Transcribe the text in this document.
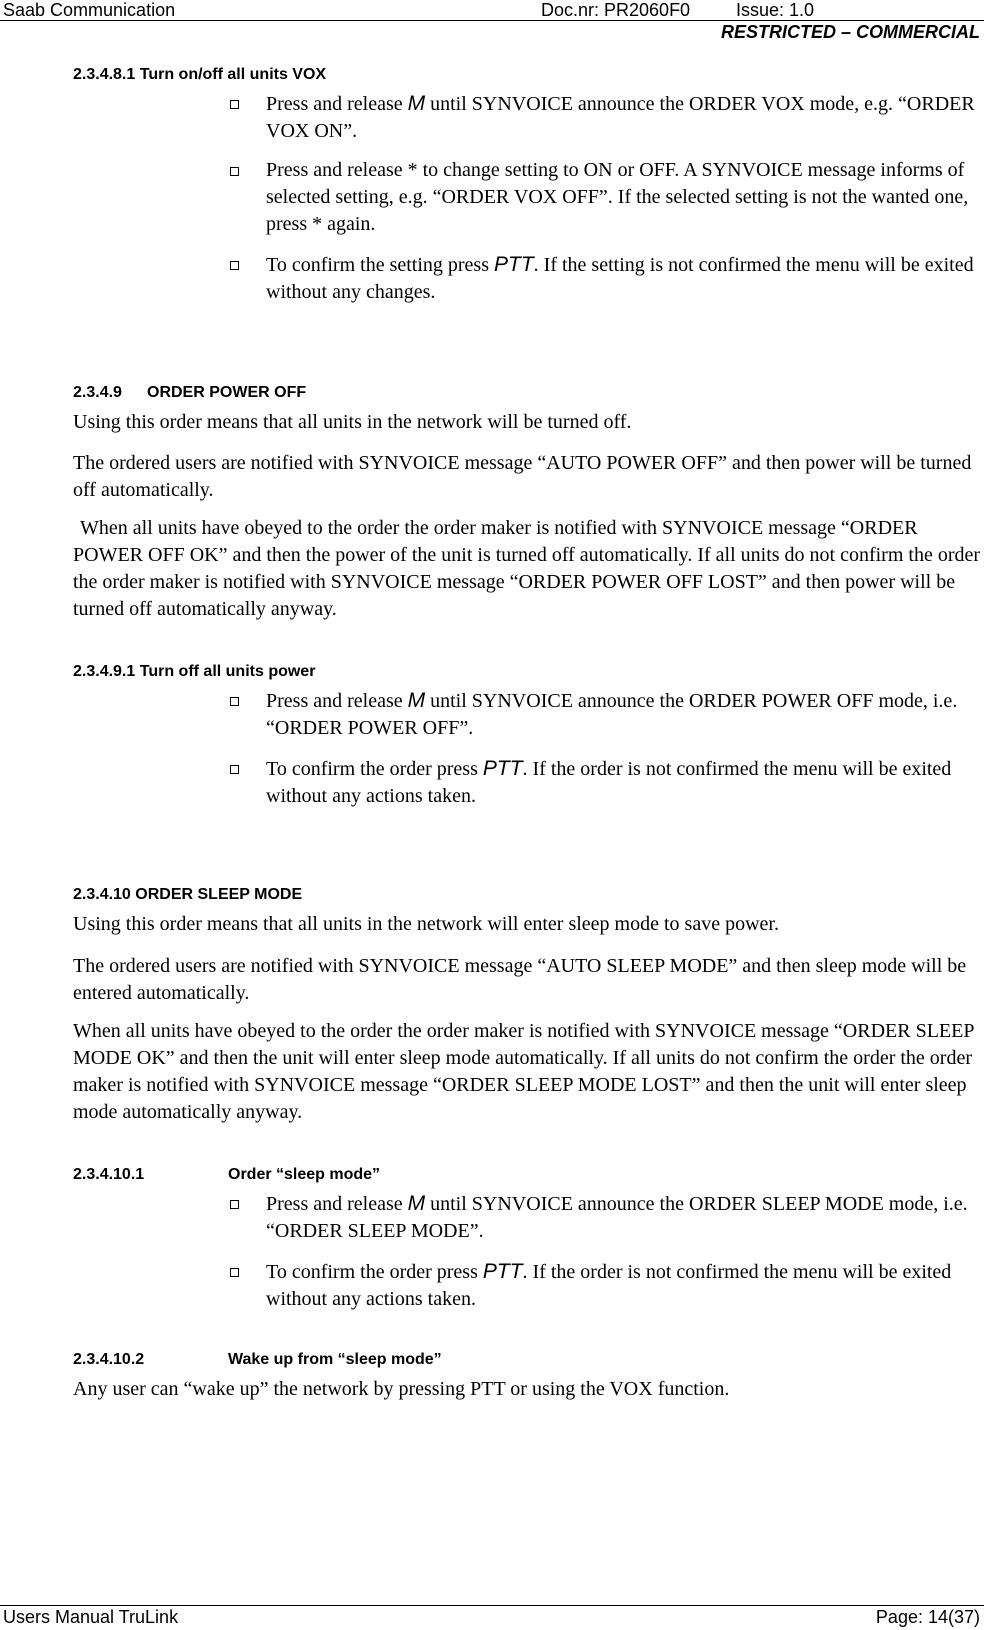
Saab Communication	Doc.nr: PR2060F0	Issue: 1.0
RESTRICTED – COMMERCIAL
2.3.4.8.1 Turn on/off all units VOX
Press and release M until SYNVOICE announce the ORDER VOX mode, e.g. “ORDER VOX ON”.
Press and release * to change setting to ON or OFF. A SYNVOICE message informs of selected setting, e.g. “ORDER VOX OFF”. If the selected setting is not the wanted one, press * again.
To confirm the setting press PTT. If the setting is not confirmed the menu will be exited without any changes.
2.3.4.9 ORDER POWER OFF

Using this order means that all units in the network will be turned off.

The ordered users are notified with SYNVOICE message “AUTO POWER OFF” and then power will be turned off automatically.

When all units have obeyed to the order the order maker is notified with SYNVOICE message “ORDER POWER OFF OK” and then the power of the unit is turned off automatically. If all units do not confirm the order the order maker is notified with SYNVOICE message “ORDER POWER OFF LOST” and then power will be turned off automatically anyway.

2.3.4.9.1 Turn off all units power
Press and release M until SYNVOICE announce the ORDER POWER OFF mode, i.e. “ORDER POWER OFF”.
To confirm the order press PTT. If the order is not confirmed the menu will be exited without any actions taken.
2.3.4.10 ORDER SLEEP MODE

Using this order means that all units in the network will enter sleep mode to save power.

The ordered users are notified with SYNVOICE message “AUTO SLEEP MODE” and then sleep mode will be entered automatically.

When all units have obeyed to the order the order maker is notified with SYNVOICE message “ORDER SLEEP MODE OK” and then the unit will enter sleep mode automatically. If all units do not confirm the order the order maker is notified with SYNVOICE message “ORDER SLEEP MODE LOST” and then the unit will enter sleep mode automatically anyway.

2.3.4.10.1	Order “sleep mode”
Press and release M until SYNVOICE announce the ORDER SLEEP MODE mode, i.e. “ORDER SLEEP MODE”.
To confirm the order press PTT. If the order is not confirmed the menu will be exited without any actions taken.
2.3.4.10.2	Wake up from “sleep mode”

Any user can “wake up” the network by pressing PTT or using the VOX function.

Users Manual TruLink	Page: 14(37)
